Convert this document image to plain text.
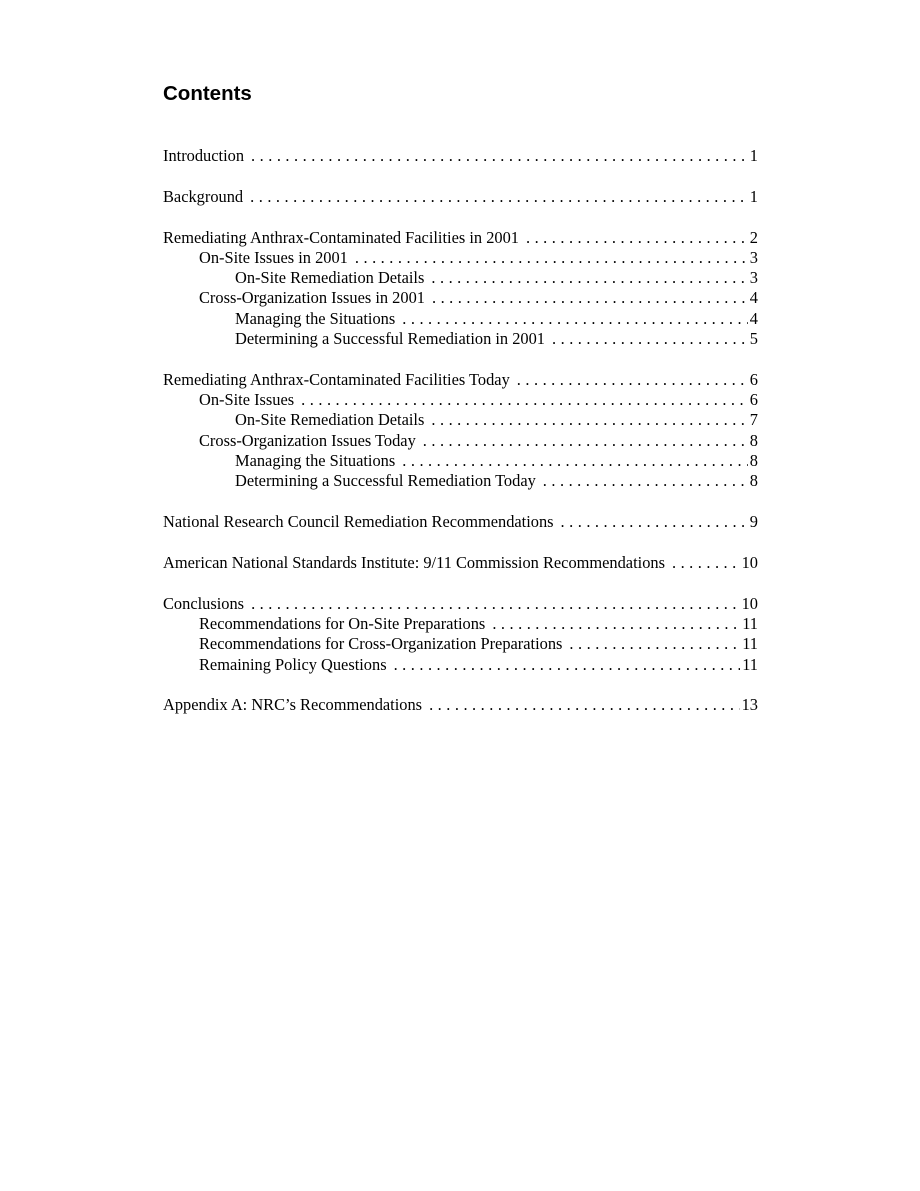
Contents
Introduction . . .	1
Background . . .	1
Remediating Anthrax-Contaminated Facilities in 2001 . . .	2
On-Site Issues in 2001 . . .	3
On-Site Remediation Details . . .	3
Cross-Organization Issues in 2001 . . .	4
Managing the Situations . . .	4
Determining a Successful Remediation in 2001 . . .	5
Remediating Anthrax-Contaminated Facilities Today . . .	6
On-Site Issues . . .	6
On-Site Remediation Details . . .	7
Cross-Organization Issues Today . . .	8
Managing the Situations . . .	8
Determining a Successful Remediation Today . . .	8
National Research Council Remediation Recommendations . . .	9
American National Standards Institute: 9/11 Commission Recommendations . . .	10
Conclusions . . .	10
Recommendations for On-Site Preparations . . .	11
Recommendations for Cross-Organization Preparations . . .	11
Remaining Policy Questions . . .	11
Appendix A: NRC’s Recommendations . . .	13
